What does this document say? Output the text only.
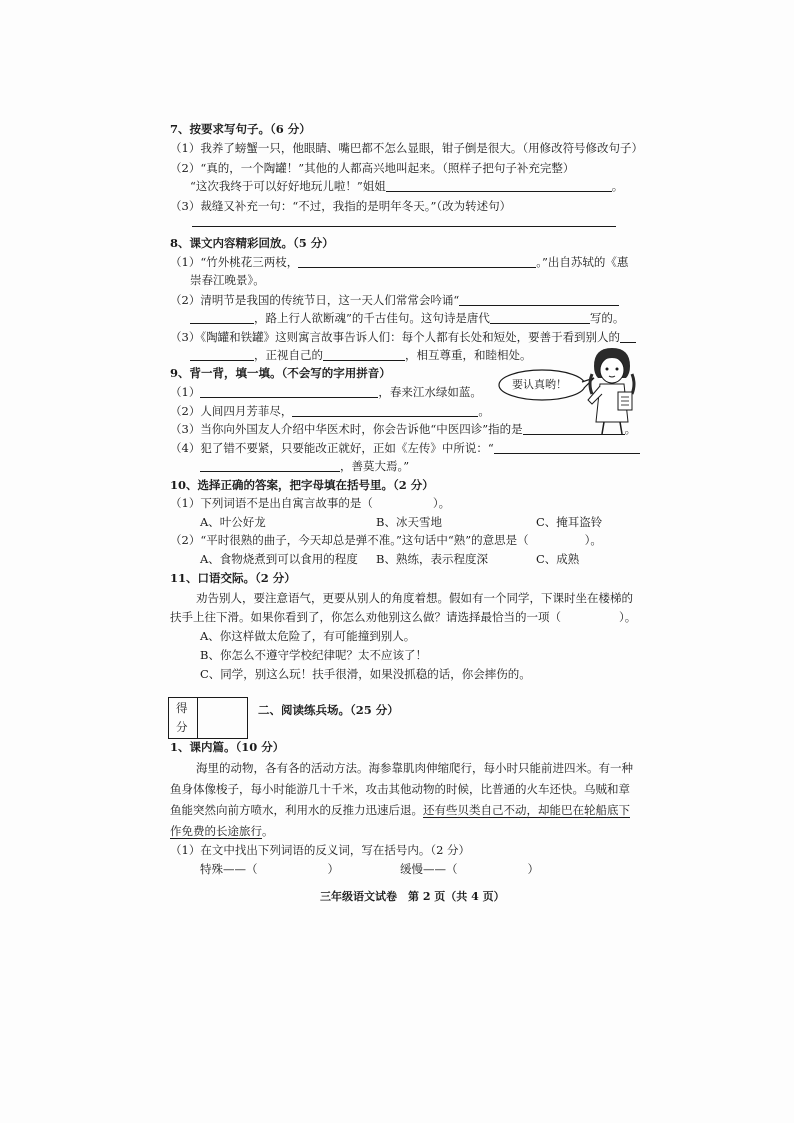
7、按要求写句子。（6 分）
（1）我养了螃蟹一只，他眼睛、嘴巴都不怎么显眼，钳子倒是很大。（用修改符号修改句子）
（2）“真的，一个陶罐！”其他的人都高兴地叫起来。（照样子把句子补充完整）
“这次我终于可以好好地玩儿啦！”姐姐	。
（3）裁缝又补充一句：“不过，我指的是明年冬天。”（改为转述句）
8、课文内容精彩回放。（5 分）
（1）“竹外桃花三两枝，	。”出自苏轼的《惠
崇春江晚景》。
（2）清明节是我国的传统节日，这一天人们常常会吟诵“
，路上行人欲断魂”的千古佳句。这句诗是唐代	写的。
（3）《陶罐和铁罐》这则寓言故事告诉人们：每个人都有长处和短处，要善于看到别人的
，正视自己的	，相互尊重，和睦相处。
9、背一背，填一填。（不会写的字用拼音）
（1）	，春来江水绿如蓝。
（2）人间四月芳菲尽，	。
（3）当你向外国友人介绍中华医术时，你会告诉他“中医四诊”指的是	。
（4）犯了错不要紧，只要能改正就好，正如《左传》中所说：“
，善莫大焉。”
要认真哟！
10、选择正确的答案，把字母填在括号里。（2 分）
（1）下列词语不是出自寓言故事的是（	）。
A、叶公好龙	B、冰天雪地	C、掩耳盗铃
（2）“平时很熟的曲子，今天却总是弹不准。”这句话中“熟”的意思是（	）。
A、食物烧煮到可以食用的程度 B、熟练，表示程度深	C、成熟
11、口语交际。（2 分）
劝告别人，要注意语气，更要从别人的角度着想。假如有一个同学，下课时坐在楼梯的
扶手上往下滑。如果你看到了，你怎么劝他别这么做？请选择最恰当的一项（	）。
A、你这样做太危险了，有可能撞到别人。
B、你怎么不遵守学校纪律呢？太不应该了！
C、同学，别这么玩！扶手很滑，如果没抓稳的话，你会摔伤的。
得
分
二、阅读练兵场。（25 分）
1、课内篇。（10 分）
海里的动物，各有各的活动方法。海参靠肌肉伸缩爬行，每小时只能前进四米。有一种
鱼身体像梭子，每小时能游几十千米，攻击其他动物的时候，比普通的火车还快。乌贼和章
鱼能突然向前方喷水，利用水的反推力迅速后退。还有些贝类自己不动，却能巴在轮船底下
作免费的长途旅行。
（1）在文中找出下列词语的反义词，写在括号内。（2 分）
特殊——（	）	缓慢——（	）
三年级语文试卷　第 2 页（共 4 页）
